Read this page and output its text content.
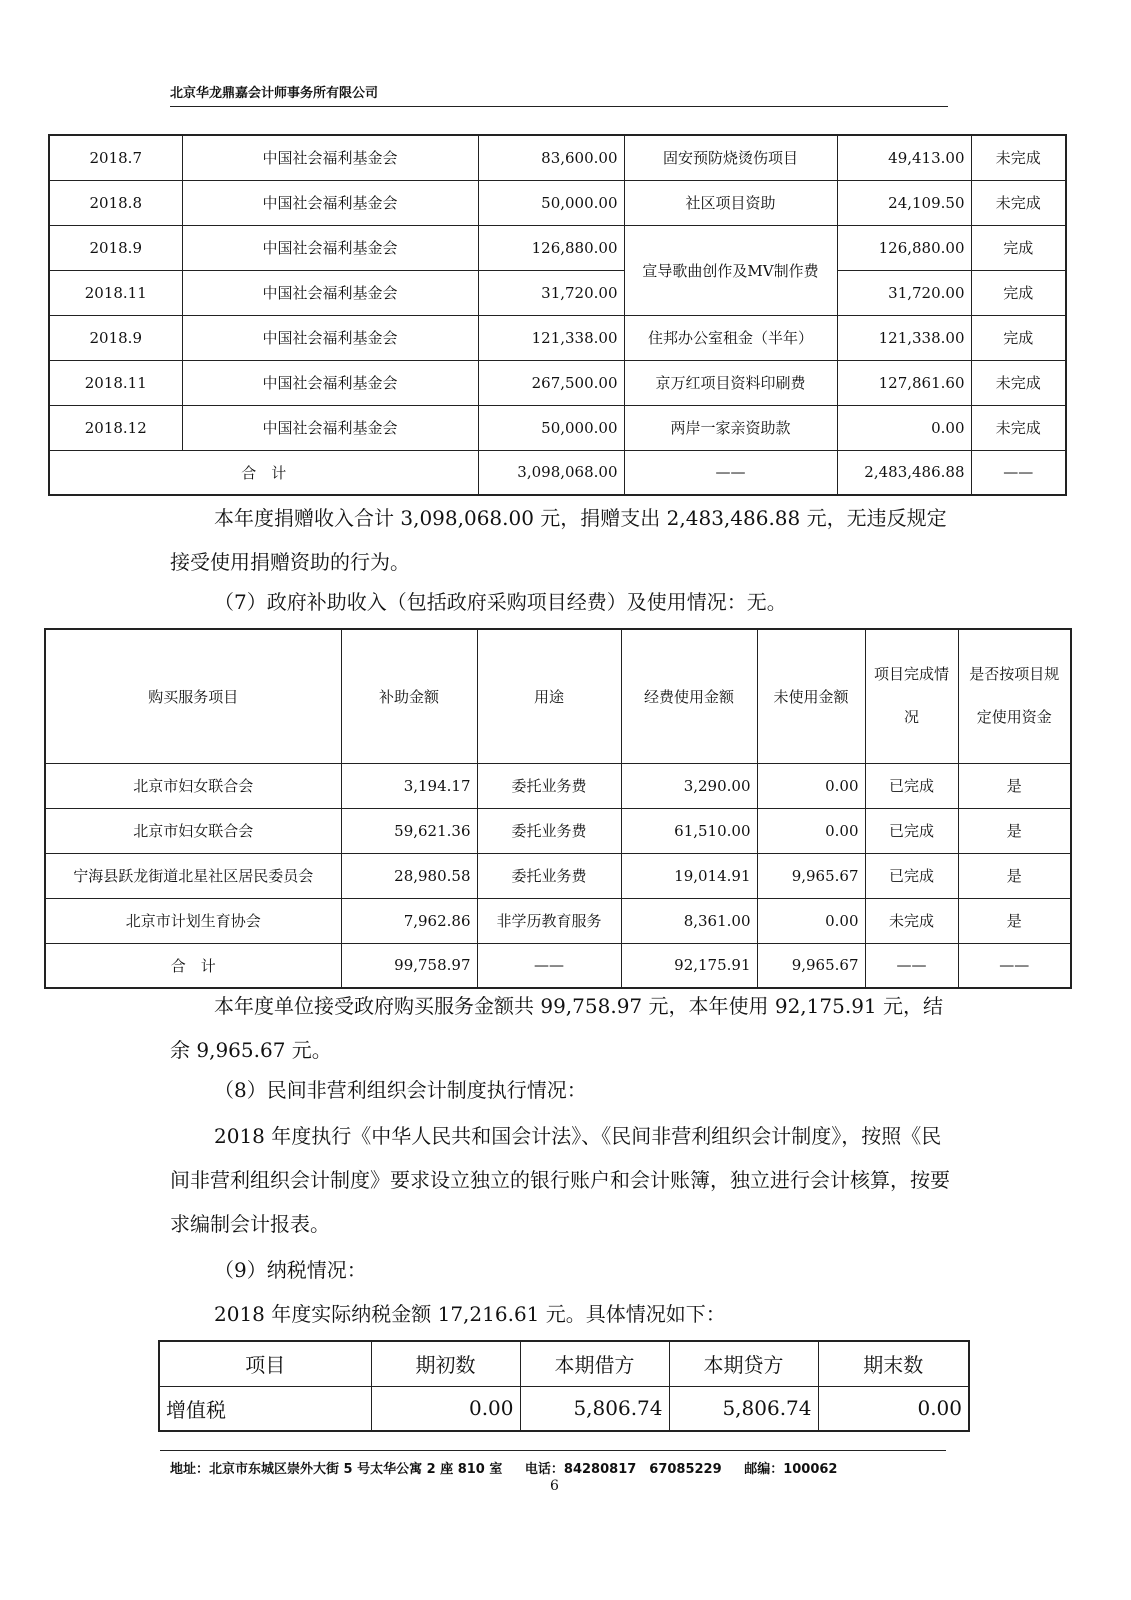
北京华龙鼎嘉会计师事务所有限公司
2018.7	中国社会福利基金会	83,600.00	固安预防烧烫伤项目	49,413.00	未完成
2018.8	中国社会福利基金会	50,000.00	社区项目资助	24,109.50	未完成
2018.9	中国社会福利基金会	126,880.00	宣导歌曲创作及MV制作费	126,880.00	完成
2018.11	中国社会福利基金会	31,720.00		31,720.00	完成
2018.9	中国社会福利基金会	121,338.00	住邦办公室租金（半年）	121,338.00	完成
2018.11	中国社会福利基金会	267,500.00	京万红项目资料印刷费	127,861.60	未完成
2018.12	中国社会福利基金会	50,000.00	两岸一家亲资助款	0.00	未完成
合　计		3,098,068.00	——	2,483,486.88	——

本年度捐赠收入合计 3,098,068.00 元，捐赠支出 2,483,486.88 元，无违反规定接受使用捐赠资助的行为。

（7）政府补助收入（包括政府采购项目经费）及使用情况：无。

购买服务项目	补助金额	用途	经费使用金额	未使用金额	项目完成情况	是否按项目规定使用资金
北京市妇女联合会	3,194.17	委托业务费	3,290.00	0.00	已完成	是
北京市妇女联合会	59,621.36	委托业务费	61,510.00	0.00	已完成	是
宁海县跃龙街道北星社区居民委员会	28,980.58	委托业务费	19,014.91	9,965.67	已完成	是
北京市计划生育协会	7,962.86	非学历教育服务	8,361.00	0.00	未完成	是
合　计	99,758.97	——	92,175.91	9,965.67	——	——

本年度单位接受政府购买服务金额共 99,758.97 元，本年使用 92,175.91 元，结余 9,965.67 元。

（8）民间非营利组织会计制度执行情况：

2018 年度执行《中华人民共和国会计法》、《民间非营利组织会计制度》，按照《民间非营利组织会计制度》要求设立独立的银行账户和会计账簿，独立进行会计核算，按要求编制会计报表。

（9）纳税情况：

2018 年度实际纳税金额 17,216.61 元。具体情况如下：

项目	期初数	本期借方	本期贷方	期末数
增值税	0.00	5,806.74	5,806.74	0.00
地址：北京市东城区崇外大街 5 号太华公寓 2 座 810 室 电话：84280817　67085229 邮编：100062
6
